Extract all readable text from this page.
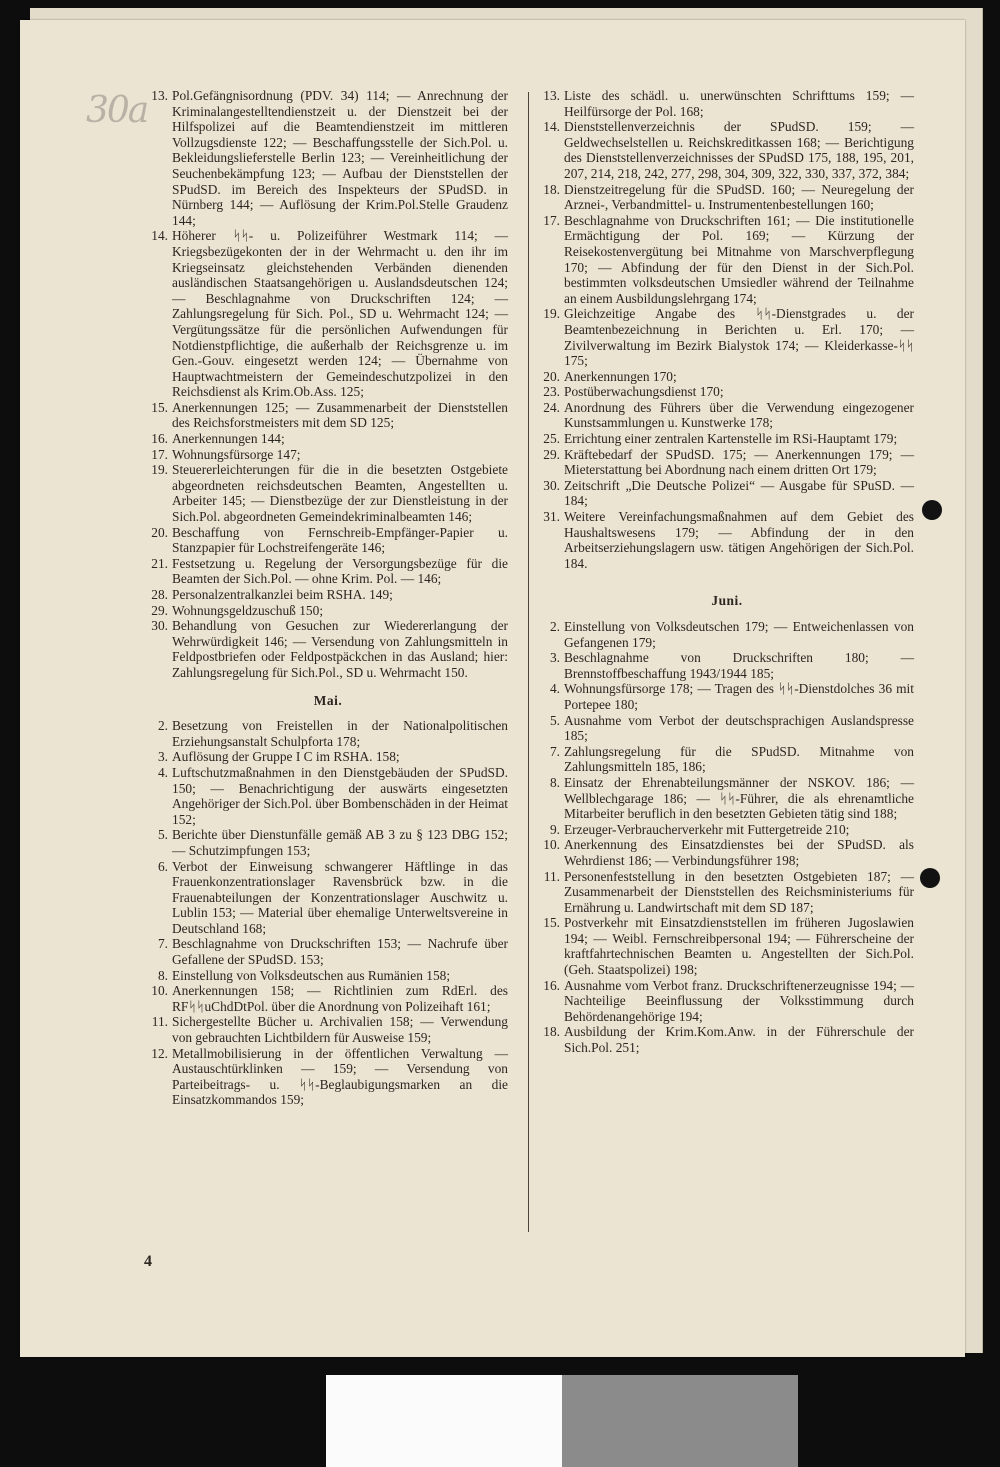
30a 13. Pol.Gefängnisordnung (PDV. 34) 114; — Anrechnung der Kriminalangestelltendienstzeit u. der Dienstzeit bei der Hilfspolizei auf die Beamtendienstzeit im mittleren Vollzugsdienste 122; — Beschaffungsstelle der Sich.Pol. u. Bekleidungslieferstelle Berlin 123; — Vereinheitlichung der Seuchenbekämpfung 123; — Aufbau der Dienststellen der SPudSD. im Bereich des Inspekteurs der SPudSD. in Nürnberg 144; — Auflösung der Krim.Pol.Stelle Graudenz 144;
14. Höherer ᛋᛋ- u. Polizeiführer Westmark 114; — Kriegsbezügekonten der in der Wehrmacht u. den ihr im Kriegseinsatz gleichstehenden Verbänden dienenden ausländischen Staatsangehörigen u. Auslandsdeutschen 124; — Beschlagnahme von Druckschriften 124; — Zahlungsregelung für Sich. Pol., SD u. Wehrmacht 124; — Vergütungssätze für die persönlichen Aufwendungen für Notdienstpflichtige, die außerhalb der Reichsgrenze u. im Gen.-Gouv. eingesetzt werden 124; — Übernahme von Hauptwachtmeistern der Gemeindeschutzpolizei in den Reichsdienst als Krim.Ob.Ass. 125;
15. Anerkennungen 125; — Zusammenarbeit der Dienststellen des Reichsforstmeisters mit dem SD 125;
16. Anerkennungen 144;
17. Wohnungsfürsorge 147;
19. Steuererleichterungen für die in die besetzten Ostgebiete abgeordneten reichsdeutschen Beamten, Angestellten u. Arbeiter 145; — Dienstbezüge der zur Dienstleistung in der Sich.Pol. abgeordneten Gemeindekriminalbeamten 146;
20. Beschaffung von Fernschreib-Empfänger-Papier u. Stanzpapier für Lochstreifengeräte 146;
21. Festsetzung u. Regelung der Versorgungsbezüge für die Beamten der Sich.Pol. — ohne Krim. Pol. — 146;
28. Personalzentralkanzlei beim RSHA. 149;
29. Wohnungsgeldzuschuß 150;
30. Behandlung von Gesuchen zur Wiedererlangung der Wehrwürdigkeit 146; — Versendung von Zahlungsmitteln in Feldpostbriefen oder Feldpostpäckchen in das Ausland; hier: Zahlungsregelung für Sich.Pol., SD u. Wehrmacht 150.
Mai.
2. Besetzung von Freistellen in der Nationalpolitischen Erziehungsanstalt Schulpforta 178;
3. Auflösung der Gruppe I C im RSHA. 158;
4. Luftschutzmaßnahmen in den Dienstgebäuden der SPudSD. 150; — Benachrichtigung der auswärts eingesetzten Angehöriger der Sich.Pol. über Bombenschäden in der Heimat 152;
5. Berichte über Dienstunfälle gemäß AB 3 zu § 123 DBG 152; — Schutzimpfungen 153;
6. Verbot der Einweisung schwangerer Häftlinge in das Frauenkonzentrationslager Ravensbrück bzw. in die Frauenabteilungen der Konzentrationslager Auschwitz u. Lublin 153; — Material über ehemalige Unterweltsvereine in Deutschland 168;
7. Beschlagnahme von Druckschriften 153; — Nachrufe über Gefallene der SPudSD. 153;
8. Einstellung von Volksdeutschen aus Rumänien 158;
10. Anerkennungen 158; — Richtlinien zum RdErl. des RFᛋᛋuChdDtPol. über die Anordnung von Polizeihaft 161;
11. Sichergestellte Bücher u. Archivalien 158; — Verwendung von gebrauchten Lichtbildern für Ausweise 159;
12. Metallmobilisierung in der öffentlichen Verwaltung — Austauschtürklinken — 159; — Versendung von Parteibeitrags- u. ᛋᛋ-Beglaubigungsmarken an die Einsatzkommandos 159;
13. Liste des schädl. u. unerwünschten Schrifttums 159; — Heilfürsorge der Pol. 168;
14. Dienststellenverzeichnis der SPudSD. 159; — Geldwechselstellen u. Reichskreditkassen 168; — Berichtigung des Dienststellenverzeichnisses der SPudSD 175, 188, 195, 201, 207, 214, 218, 242, 277, 298, 304, 309, 322, 330, 337, 372, 384;
18. Dienstzeitregelung für die SPudSD. 160; — Neuregelung der Arznei-, Verbandmittel- u. Instrumentenbestellungen 160;
17. Beschlagnahme von Druckschriften 161; — Die institutionelle Ermächtigung der Pol. 169; — Kürzung der Reisekostenvergütung bei Mitnahme von Marschverpflegung 170; — Abfindung der für den Dienst in der Sich.Pol. bestimmten volksdeutschen Umsiedler während der Teilnahme an einem Ausbildungslehrgang 174;
19. Gleichzeitige Angabe des ᛋᛋ-Dienstgrades u. der Beamtenbezeichnung in Berichten u. Erl. 170; — Zivilverwaltung im Bezirk Bialystok 174; — Kleiderkasse-ᛋᛋ 175;
20. Anerkennungen 170;
23. Postüberwachungsdienst 170;
24. Anordnung des Führers über die Verwendung eingezogener Kunstsammlungen u. Kunstwerke 178;
25. Errichtung einer zentralen Kartenstelle im RSi-Hauptamt 179;
29. Kräftebedarf der SPudSD. 175; — Anerkennungen 179; — Mieterstattung bei Abordnung nach einem dritten Ort 179;
30. Zeitschrift „Die Deutsche Polizei“ — Ausgabe für SPuSD. — 184;
31. Weitere Vereinfachungsmaßnahmen auf dem Gebiet des Haushaltswesens 179; — Abfindung der in den Arbeitserziehungslagern usw. tätigen Angehörigen der Sich.Pol. 184.
Juni.
2. Einstellung von Volksdeutschen 179; — Entweichenlassen von Gefangenen 179;
3. Beschlagnahme von Druckschriften 180; — Brennstoffbeschaffung 1943/1944 185;
4. Wohnungsfürsorge 178; — Tragen des ᛋᛋ-Dienstdolches 36 mit Portepee 180;
5. Ausnahme vom Verbot der deutschsprachigen Auslandspresse 185;
7. Zahlungsregelung für die SPudSD. Mitnahme von Zahlungsmitteln 185, 186;
8. Einsatz der Ehrenabteilungsmänner der NSKOV. 186; — Wellblechgarage 186; — ᛋᛋ-Führer, die als ehrenamtliche Mitarbeiter beruflich in den besetzten Gebieten tätig sind 188;
9. Erzeuger-Verbraucherverkehr mit Futtergetreide 210;
10. Anerkennung des Einsatzdienstes bei der SPudSD. als Wehrdienst 186; — Verbindungsführer 198;
11. Personenfeststellung in den besetzten Ostgebieten 187; — Zusammenarbeit der Dienststellen des Reichsministeriums für Ernährung u. Landwirtschaft mit dem SD 187;
15. Postverkehr mit Einsatzdienststellen im früheren Jugoslawien 194; — Weibl. Fernschreibpersonal 194; — Führerscheine der kraftfahrtechnischen Beamten u. Angestellten der Sich.Pol. (Geh. Staatspolizei) 198;
16. Ausnahme vom Verbot franz. Druckschriftenerzeugnisse 194; — Nachteilige Beeinflussung der Volksstimmung durch Behördenangehörige 194;
18. Ausbildung der Krim.Kom.Anw. in der Führerschule der Sich.Pol. 251;
4
